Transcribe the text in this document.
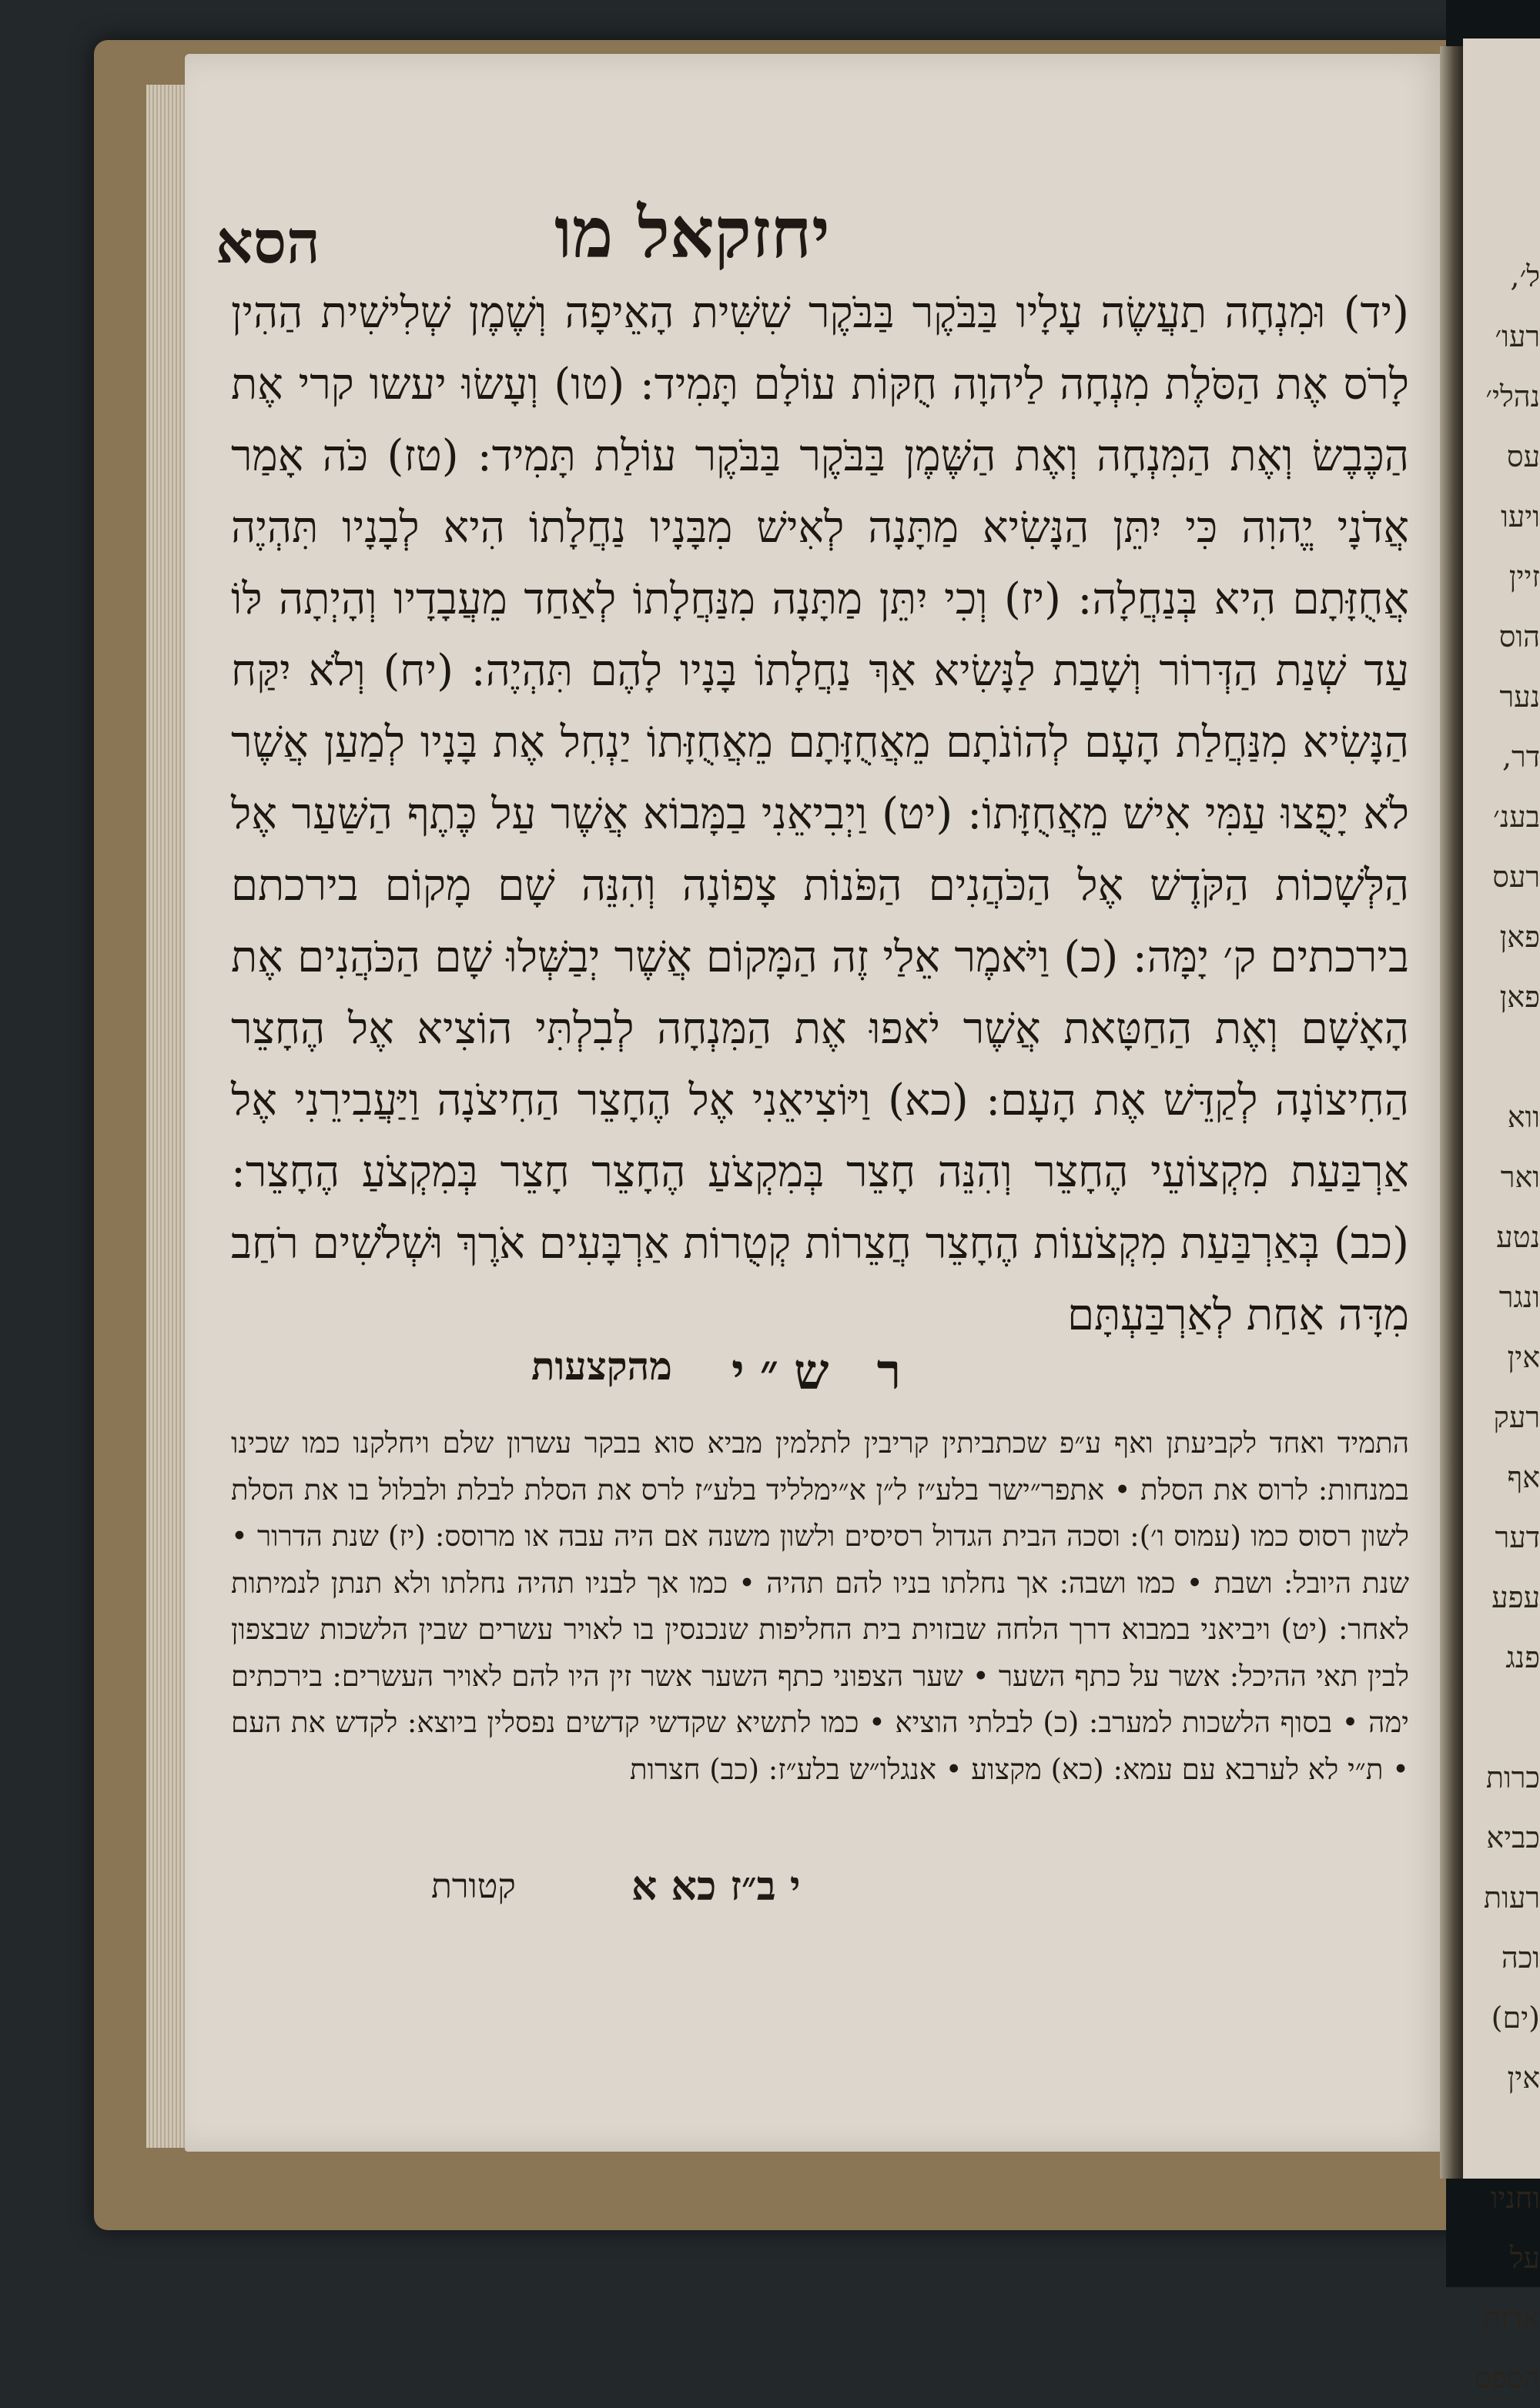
יחזקאל מו
הסא

(יד) וּמִנְחָה תַעֲשֶׂה עָלָיו בַּבֹּקֶר בַּבֹּקֶר שִׁשִּׁית הָאֵיפָה וְשֶׁמֶן שְׁלִישִׁית הַהִין לָרֹס אֶת הַסֹּלֶת מִנְחָה לַיהוָה חֻקּוֹת עוֹלָם תָּמִיד: (טו) וְעָשׂוּ יעשו קרי אֶת הַכֶּבֶשׂ וְאֶת הַמִּנְחָה וְאֶת הַשֶּׁמֶן בַּבֹּקֶר בַּבֹּקֶר עוֹלַת תָּמִיד: (טז) כֹּה אָמַר אֲדֹנָי יֱהוִה כִּי יִתֵּן הַנָּשִׂיא מַתָּנָה לְאִישׁ מִבָּנָיו נַחֲלָתוֹ הִיא לְבָנָיו תִּהְיֶה אֲחֻזָּתָם הִיא בְּנַחֲלָה: (יז) וְכִי יִתֵּן מַתָּנָה מִנַּחֲלָתוֹ לְאַחַד מֵעֲבָדָיו וְהָיְתָה לּוֹ עַד שְׁנַת הַדְּרוֹר וְשָׁבַת לַנָּשִׂיא אַךְ נַחֲלָתוֹ בָּנָיו לָהֶם תִּהְיֶה: (יח) וְלֹא יִקַּח הַנָּשִׂיא מִנַּחֲלַת הָעָם לְהוֹנֹתָם מֵאֲחֻזָּתָם מֵאֲחֻזָּתוֹ יַנְחִל אֶת בָּנָיו לְמַעַן אֲשֶׁר לֹא יָפֻצוּ עַמִּי אִישׁ מֵאֲחֻזָּתוֹ: (יט) וַיְבִיאֵנִי בַמָּבוֹא אֲשֶׁר עַל כֶּתֶף הַשַּׁעַר אֶל הַלְּשָׁכוֹת הַקֹּדֶשׁ אֶל הַכֹּהֲנִים הַפֹּנוֹת צָפוֹנָה וְהִנֵּה שָׁם מָקוֹם בירכתם בירכתים ק׳ יָמָּה: (כ) וַיֹּאמֶר אֵלַי זֶה הַמָּקוֹם אֲשֶׁר יְבַשְּׁלוּ שָׁם הַכֹּהֲנִים אֶת הָאָשָׁם וְאֶת הַחַטָּאת אֲשֶׁר יֹאפוּ אֶת הַמִּנְחָה לְבִלְתִּי הוֹצִיא אֶל הֶחָצֵר הַחִיצוֹנָה לְקַדֵּשׁ אֶת הָעָם: (כא) וַיּוֹצִיאֵנִי אֶל הֶחָצֵר הַחִיצֹנָה וַיַּעֲבִירֵנִי אֶל אַרְבַּעַת מִקְצוֹעֵי הֶחָצֵר וְהִנֵּה חָצֵר בְּמִקְצֹעַ הֶחָצֵר חָצֵר בְּמִקְצֹעַ הֶחָצֵר: (כב) בְּאַרְבַּעַת מִקְצֹעוֹת הֶחָצֵר חֲצֵרוֹת קְטֻרוֹת אַרְבָּעִים אֹרֶךְ וּשְׁלֹשִׁים רֹחַב מִדָּה אַחַת לְאַרְבַּעְתָּם

ר ש״י
מהקצעות

התמיד ואחד לקביעתן ואף ע״פ שכתביתין קריבין לתלמין מביא סוא בבקר עשרון שלם ויחלקנו כמו שכינו במנחות: לרוס את הסלת • אתפר״ישר בלע״ז ל״ן א״ימלליד בלע״ז לרס את הסלת לבלת ולבלול בו את הסלת לשון רסוס כמו (עמוס ו׳): וסכה הבית הגדול רסיסים ולשון משנה אם היה עבה או מרוסס: (יז) שנת הדרור • שנת היובל: ושבת • כמו ושבה: אך נחלתו בניו להם תהיה • כמו אך לבניו תהיה נחלתו ולא תנתן לנמיתות לאחר: (יט) ויביאני במבוא דרך הלחה שבזוית בית החליפות שנכנסין בו לאויר עשרים שבין הלשכות שבצפון לבין תאי ההיכל: אשר על כתף השער • שער הצפוני כתף השער אשר זין היו להם לאויר העשרים: בירכתים ימה • בסוף הלשכות למערב: (כ) לבלתי הוציא • כמו לתשיא שקדשי קדשים נפסלין ביוצא: לקדש את העם • ת״י לא לערבא עם עמא: (כא) מקצוע • אנגלו״ש בלע״ז: (כב) חצרות

י ב״ז כא א
קטורת
ל׳,
רעו׳
נהלי׳
עס
ויעו
זיין
הוס
נער
דר,
בענ׳
רעס
פאן
פאן

ווא
ואר
נטע
ונגר
אין
רעק
אף
דער
עפע
פנג

כרות
כביא
רעות
וכה
(ים)
אין

וחניו
על
אדות
הספס
